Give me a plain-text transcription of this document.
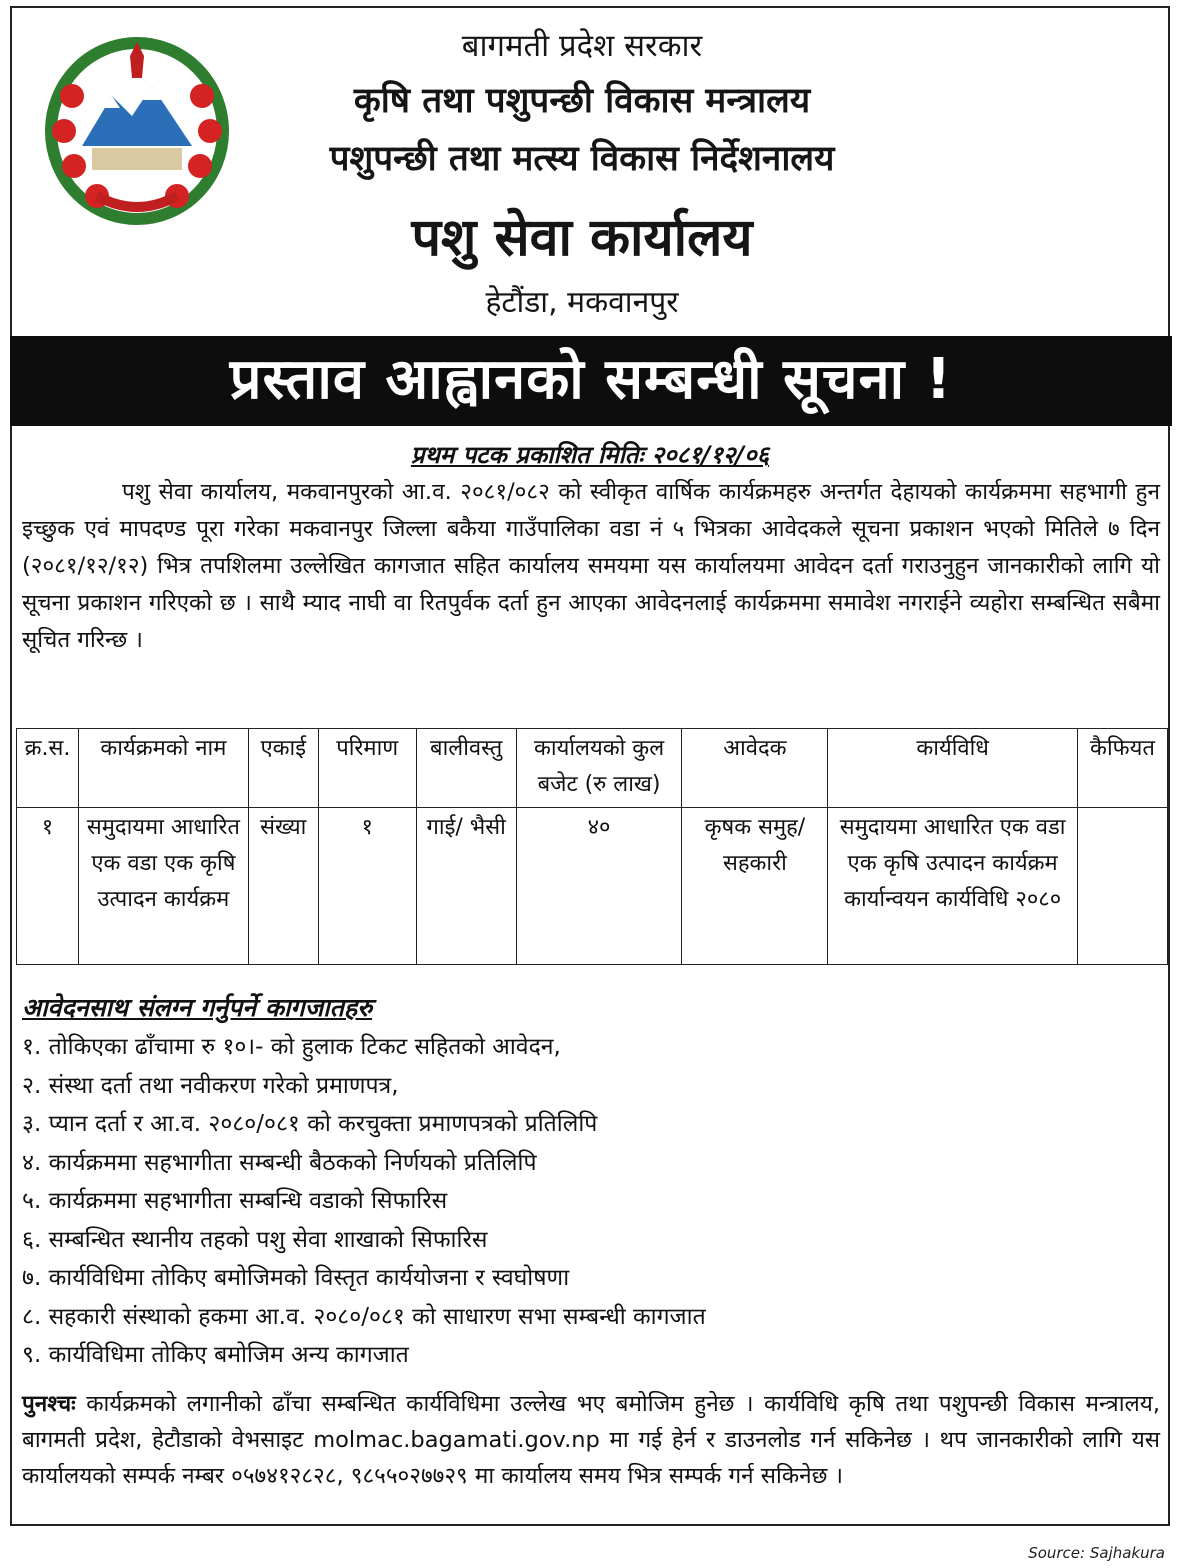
बागमती प्रदेश सरकार
कृषि तथा पशुपन्छी विकास मन्त्रालय
पशुपन्छी तथा मत्स्य विकास निर्देशनालय
पशु सेवा कार्यालय
हेटौंडा, मकवानपुर
प्रस्ताव आह्वानको सम्बन्धी सूचना !
प्रथम पटक प्रकाशित मितिः २०८१/१२/०६

पशु सेवा कार्यालय, मकवानपुरको आ.व. २०८१/०८२ को स्वीकृत वार्षिक कार्यक्रमहरु अन्तर्गत देहायको कार्यक्रममा सहभागी हुन इच्छुक एवं मापदण्ड पूरा गरेका मकवानपुर जिल्ला बकैया गाउँपालिका वडा नं ५ भित्रका आवेदकले सूचना प्रकाशन भएको मितिले ७ दिन (२०८१/१२/१२) भित्र तपशिलमा उल्लेखित कागजात सहित कार्यालय समयमा यस कार्यालयमा आवेदन दर्ता गराउनुहुन जानकारीको लागि यो सूचना प्रकाशन गरिएको छ । साथै म्याद नाघी वा रितपुर्वक दर्ता हुन आएका आवेदनलाई कार्यक्रममा समावेश नगराईने व्यहोरा सम्बन्धित सबैमा सूचित गरिन्छ ।

क्र.स.	कार्यक्रमको नाम	एकाई	परिमाण	बालीवस्तु	कार्यालयको कुल बजेट (रु लाख)	आवेदक	कार्यविधि	कैफियत
१	समुदायमा आधारित एक वडा एक कृषि उत्पादन कार्यक्रम	संख्या	१	गाई/ भैसी	४०	कृषक समुह/ सहकारी	समुदायमा आधारित एक वडा एक कृषि उत्पादन कार्यक्रम कार्यान्वयन कार्यविधि २०८०	
आवेदनसाथ संलग्न गर्नुपर्ने कागजातहरु
१. तोकिएका ढाँचामा रु १०।- को हुलाक टिकट सहितको आवेदन,
२. संस्था दर्ता तथा नवीकरण गरेको प्रमाणपत्र,
३. प्यान दर्ता र आ.व. २०८०/०८१ को करचुक्ता प्रमाणपत्रको प्रतिलिपि
४. कार्यक्रममा सहभागीता सम्बन्धी बैठकको निर्णयको प्रतिलिपि
५. कार्यक्रममा सहभागीता सम्बन्धि वडाको सिफारिस
६. सम्बन्धित स्थानीय तहको पशु सेवा शाखाको सिफारिस
७. कार्यविधिमा तोकिए बमोजिमको विस्तृत कार्ययोजना र स्वघोषणा
८. सहकारी संस्थाको हकमा आ.व. २०८०/०८१ को साधारण सभा सम्बन्धी कागजात
९. कार्यविधिमा तोकिए बमोजिम अन्य कागजात

पुनश्चः कार्यक्रमको लगानीको ढाँचा सम्बन्धित कार्यविधिमा उल्लेख भए बमोजिम हुनेछ । कार्यविधि कृषि तथा पशुपन्छी विकास मन्त्रालय, बागमती प्रदेश, हेटौडाको वेभसाइट molmac.bagamati.gov.np मा गई हेर्न र डाउनलोड गर्न सकिनेछ । थप जानकारीको लागि यस कार्यालयको सम्पर्क नम्बर ०५७४१२८२८, ९८५५०२७७२९ मा कार्यालय समय भित्र सम्पर्क गर्न सकिनेछ ।

Source: Sajhakura
